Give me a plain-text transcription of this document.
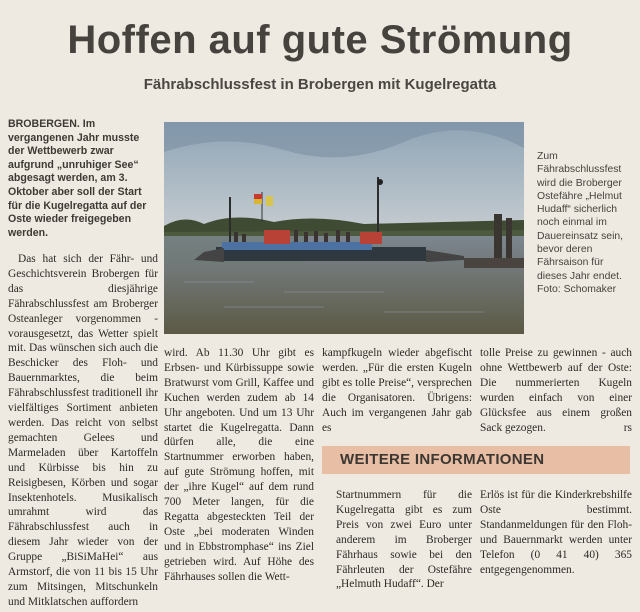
Hoffen auf gute Strömung
Fährabschlussfest in Brobergen mit Kugelregatta
BROBERGEN. Im vergangenen Jahr musste der Wettbewerb zwar aufgrund „unruhiger See“ abgesagt werden, am 3. Oktober aber soll der Start für die Kugelregatta auf der Oste wieder freigegeben werden.

Das hat sich der Fähr- und Geschichtsverein Brobergen für das diesjährige Fährabschlussfest am Broberger Osteanleger vorgenommen - vorausgesetzt, das Wetter spielt mit. Das wünschen sich auch die Beschicker des Floh- und Bauernmarktes, die beim Fährabschlussfest traditionell ihr vielfältiges Sortiment anbieten werden. Das reicht von selbst gemachten Gelees und Marmeladen über Kartoffeln und Kürbisse bis hin zu Reisigbesen, Körben und sogar Insektenhotels. Musikalisch umrahmt wird das Fährabschlussfest auch in diesem Jahr wieder von der Gruppe „BiSiMaHei“ aus Armstorf, die von 11 bis 15 Uhr zum Mitsingen, Mitschunkeln und Mitklatschen auffordern

Zum Fährabschlussfest wird die Broberger Ostefähre „Helmut Hudaff“ sicherlich noch einmal im Dauereinsatz sein, bevor deren Fährsaison für dieses Jahr endet. Foto: Schomaker

wird. Ab 11.30 Uhr gibt es Erbsen- und Kürbissuppe sowie Bratwurst vom Grill, Kaffee und Kuchen werden zudem ab 14 Uhr angeboten. Und um 13 Uhr startet die Kugelregatta. Dann dürfen alle, die eine Startnummer erworben haben, auf gute Strömung hoffen, mit der „ihre Kugel“ auf dem rund 700 Meter langen, für die Regatta abgesteckten Teil der Oste „bei moderaten Winden und in Ebbstromphase“ ins Ziel getrieben wird. Auf Höhe des Fährhauses sollen die Wett-

kampfkugeln wieder abgefischt werden. „Für die ersten Kugeln gibt es tolle Preise“, versprechen die Organisatoren. Übrigens: Auch im vergangenen Jahr gab es

tolle Preise zu gewinnen - auch ohne Wettbewerb auf der Oste: Die nummerierten Kugeln wurden einfach von einer Glücksfee aus einem großen Sack gezogen.	rs

WEITERE INFORMATIONEN

Startnummern für die Kugelregatta gibt es zum Preis von zwei Euro unter anderem im Broberger Fährhaus sowie bei den Fährleuten der Ostefähre „Helmuth Hudaff“. Der

Erlös ist für die Kinderkrebshilfe Oste bestimmt. Standanmeldungen für den Floh- und Bauernmarkt werden unter Telefon (0 41 40) 365 entgegengenommen.
